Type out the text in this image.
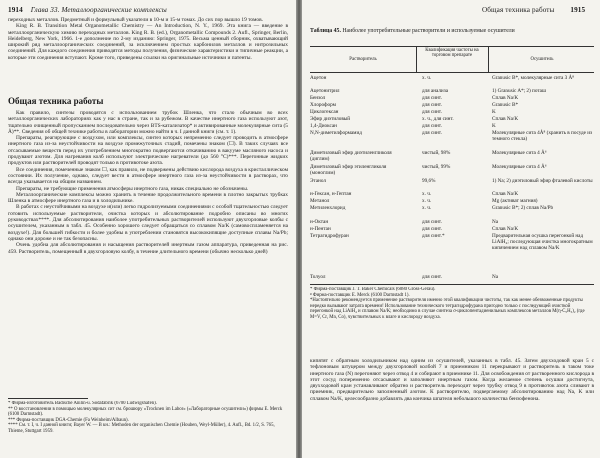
1914 Глава 33. Металлоорганические комплексы

переходных металлов. Предметный и формульный указатели в 10-м и 15-м томах. До сих пор вышло 19 томов.

King R. B. Transition Metal Organometallic Chemistry — An Introduction, N. Y., 1969. Эта книга — введение в металлоорганическую химию переходных металлов. King R. B. (ed.), Organometallic Compounds 2. Aufl., Springer, Berlin, Heidelberg, New York, 1966. 1-е дополнение по 2-му изданию: Springer, 1975. Весьма ценный сборник, охватывающий широкий ряд металлоорганических соединений, за исключением простых карбонилов металлов и нитрозильных соединений. Для каждого соединения приводятся методы получения, физические характеристики и типичные реакции, а которые эти соединения вступают. Кроме того, приведены ссылки на оригинальные источники и патенты.

Общая техника работы

Как правило, синтезы проводятся с использованием трубок Шленка, что стало обычным во всех металлоорганических лабораториях как у нас в стране, так и за рубежом. В качестве инертного газа используют азот, тщательно очищенный пропусканием последовательно через BTS-катализатор* и активированные молекулярные сита (5 Å)**. Сведения об общей технике работы в лаборатории можно найти в ч. I данной книги (см. т. 1).

Препараты, реагирующие с воздухом, или комплексы, синтез которых непременно следует проводить в атмосфере инертного газа из-за неустойчивости на воздухе промежуточных стадий, помечены знаком (☐). В таких случаях все отсасываемые веществ перед их употреблением многократно подвергаются откачиванию в вакууме масляного насоса и продувают азотом. Для нагревания колб используют электрические нагреватели (до 560 °С)***. Перегонные жидких продуктов или растворителей проводят только в противотоке азота.

Все соединения, помеченные знаком ☐, как правило, не подвержены действию кислорода воздуха в кристаллическом состоянии. Их получение, однако, следует вести в атмосфере инертного газа из-за неустойчивости в растворах, что всегда указывается на общим названием.

Препараты, не требующие применения атмосферы инертного газа, никак специально не обозначены.

Металлоорганические комплексы можно хранить в течение продолжительного времени в плотно закрытых трубках Шленка в атмосфере инертного газа и в холодильнике.

В работах с неустойчивыми на воздухе и(или) легко гидролизуемыми соединениями с особой тщательностью следует готовить используемые растворители, очистка которых и абсолютирование подробно описаны во многих руководствах****. Для абсолютирования наиболее употребительных растворителей используют двухгорловые колбы с осушителем, указанным в табл. 45. Особенно хорошего следует обращаться со сплавом Na/K (самовоспламеняется на воздухе!). Для большей гибкости и более удобны в употреблении становятся высококипящие доступные сплавы Na/Pb; однако они дороже и не так безопасны.

Очень удобна для абсолютирования и насыщения растворителей инертным газом аппаратура, приведенная на рис. 459. Растворитель, помещенный в двухгорловую колбу, в течение длительного времени (обычно несколько дней)

* Фирма-изготовитель Badische Anilin-u. Sodafabrik (6700 Ludwigshafen).

** О восстановлении в помощью молекулярных сит см. брошюру «Trocknen im Labor» («Лабораторные осушители») фирмы E. Merck (6100 Darmstadt).

*** Фирма-поставщик DGA-Chemie (Fa Weinheim/Albaun).

**** См. т. I, ч. I данной книги; Bayer W. — В кн.: Methoden der organischen Chemie (Houben, Weyl-Müller), 4. Aufl., Bd. 1/2, S. 765, Thieme, Stuttgart 1959.

Общая техника работы 1915
Таблица 45. Наиболее употребительные растворители и используемые осушители
Растворитель
Квалификация частоты на торговом препарате
Осушитель
Ацетон	х. ч.	Granusic B*, молекулярные сита 3 Å⁸
Ацетонитрил	для анализа	1) Granusic A*; 2) поташ
Бензол	для синт.	Сплав Na/K
Хлороформ	для синт.	Granusic B*
Циклогексан	для синт.	K
Эфир диэтиловый	х. ч., для синт.	Сплав Na/K
1,4-Диоксан	для синт.	K
N,N-диметилформамид	для синт.	Молекулярные сита 4Å⁸ (хранить в посуде из темного стекла)
Диметиловый эфир диэтиленгликоля (диглим)
чистый, 98%	Молекулярные сита 4 Å⁶
Диметиловый эфир этиленгликоля (моноглим)
чистый, 99%	Молекулярные сита 4 Å⁶
Этанол	99,6%	1) Na; 2) диэтиловый эфир фталевой кислоты
н-Гексан, н-Гептан	х. ч.	Сплав Na/K
Метанол	х. ч.	Mg (активат магния)
Метиленхлорид	х. ч.	Granusic B*; 2) сплав Na/Pb
н-Октан	для синт.	Na
н-Пентан	для синт.	Сплав Na/K
Тетрагидрофуран	для синт.*	Предварительная осушка перегонкой над LiAlH₄; последующая очистка многократным кипячением над сплавом Na/K
Толуол	для синт.	Na

* Фирма-поставщик J. T. Baker Chemicals (6080 Gross-Gerau).

⁸ Фирма-поставщик E. Merck (6100 Darmstadt 1).

*Настоятельно рекомендуется применение растворителя именно этой квалификации чистоты, так как менее обезвоженные продукты нередко вызывают затрата времени! Использование технического тетрагидрофурана пригодно только с последующей очисткой перегонкой над LiAlH₄ и сплавом Na/K; необходимо в случае синтеза σ-циклопентадиенильных комплексов металлов M(η-C₅H₅)₂ (где M=V, Cr, Mn, Co), чувствительных к влаге и кислороду воздуха.

кипятят с обратным холодильником над одним из осушителей, указанных в табл. 45. Затем двухходовой кран 5 с тефлоновым штуцером между двухгорловой колбой 7 и приемником 11 перекрывают и растворитель в таком токе инертного газа (N) перегоняют через отвод 4 и собирают в приемнике 11. Для освобождения от растворенного кислорода в этот сосуд попеременно отсасывают и заполняют инертным газом. Когда желаемое степень осушки достигнута, двухходовой кран устанавливают обратно и растворитель переходит через трубку отвод 9 в противоток азота сливают в приемник, предварительно заполненный азотом. К растворителю, подвергаемому абсолютированию над Na, K или сплавом Na/K, целесообразно добавлять два кончика шпателя небольшого количества бензофенона.
